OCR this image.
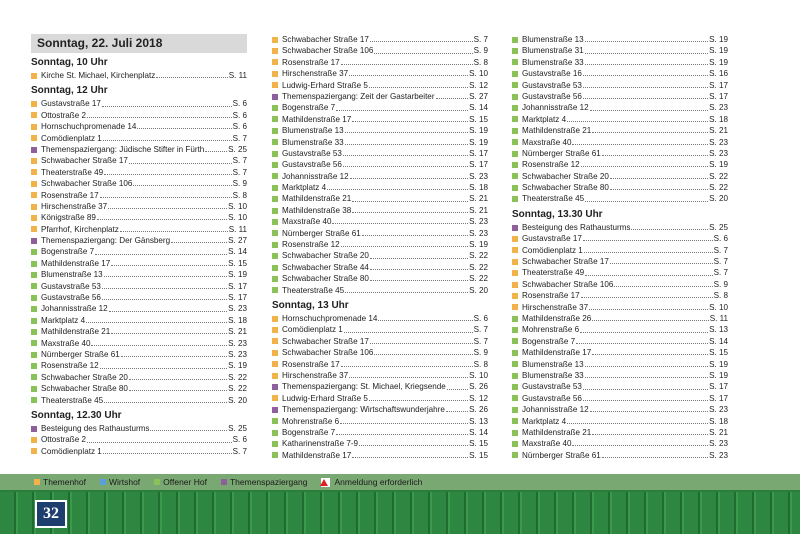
Sonntag, 22. Juli 2018
Sonntag, 10 Uhr
Kirche St. Michael, Kirchenplatz	S. 11
Sonntag, 12 Uhr
Gustavstraße 17	S. 6
Ottostraße 2	S. 6
Hornschuchpromenade 14	S. 6
Comödienplatz 1	S. 7
Themenspaziergang: Jüdische Stifter in Fürth	S. 25
Schwabacher Straße 17	S. 7
Theaterstraße 49	S. 7
Schwabacher Straße 106	S. 9
Rosenstraße 17	S. 8
Hirschenstraße 37	S. 10
Königstraße 89	S. 10
Pfarrhof, Kirchenplatz	S. 11
Themenspaziergang: Der Gänsberg	S. 27
Bogenstraße 7	S. 14
Mathildenstraße 17	S. 15
Blumenstraße 13	S. 19
Gustavstraße 53	S. 17
Gustavstraße 56	S. 17
Johannisstraße 12	S. 23
Marktplatz 4	S. 18
Mathildenstraße 21	S. 21
Maxstraße 40	S. 23
Nürnberger Straße 61	S. 23
Rosenstraße 12	S. 19
Schwabacher Straße 20	S. 22
Schwabacher Straße 80	S. 22
Theaterstraße 45	S. 20
Sonntag, 12.30 Uhr
Besteigung des Rathausturms	S. 25
Ottostraße 2	S. 6
Comödienplatz 1	S. 7
Schwabacher Straße 17	S. 7
Schwabacher Straße 106	S. 9
Rosenstraße 17	S. 8
Hirschenstraße 37	S. 10
Ludwig-Erhard Straße 5	S. 12
Themenspaziergang: Zeit der Gastarbeiter	S. 27
Bogenstraße 7	S. 14
Mathildenstraße 17	S. 15
Blumenstraße 13	S. 19
Blumenstraße 33	S. 19
Gustavstraße 53	S. 17
Gustavstraße 56	S. 17
Johannisstraße 12	S. 23
Marktplatz 4	S. 18
Mathildenstraße 21	S. 21
Mathildenstraße 38	S. 21
Maxstraße 40	S. 23
Nürnberger Straße 61	S. 23
Rosenstraße 12	S. 19
Schwabacher Straße 20	S. 22
Schwabacher Straße 44	S. 22
Schwabacher Straße 80	S. 22
Theaterstraße 45	S. 20
Sonntag, 13 Uhr
Hornschuchpromenade 14	S. 6
Comödienplatz 1	S. 7
Schwabacher Straße 17	S. 7
Schwabacher Straße 106	S. 9
Rosenstraße 17	S. 8
Hirschenstraße 37	S. 10
Themenspaziergang: St. Michael, Kriegsende	S. 26
Ludwig-Erhard Straße 5	S. 12
Themenspaziergang: Wirtschaftswunderjahre	S. 26
Mohrenstraße 6	S. 13
Bogenstraße 7	S. 14
Katharinenstraße 7-9	S. 15
Mathildenstraße 17	S. 15
Blumenstraße 13	S. 19
Blumenstraße 31	S. 19
Blumenstraße 33	S. 19
Gustavstraße 16	S. 16
Gustavstraße 53	S. 17
Gustavstraße 56	S. 17
Johannisstraße 12	S. 23
Marktplatz 4	S. 18
Mathildenstraße 21	S. 21
Maxstraße 40	S. 23
Nürnberger Straße 61	S. 23
Rosenstraße 12	S. 19
Schwabacher Straße 20	S. 22
Schwabacher Straße 80	S. 22
Theaterstraße 45	S. 20
Sonntag, 13.30 Uhr
Besteigung des Rathausturms	S. 25
Gustavstraße 17	S. 6
Comödienplatz 1	S. 7
Schwabacher Straße 17	S. 7
Theaterstraße 49	S. 7
Schwabacher Straße 106	S. 9
Rosenstraße 17	S. 8
Hirschenstraße 37	S. 10
Mathildenstraße 26	S. 11
Mohrenstraße 6	S. 13
Bogenstraße 7	S. 14
Mathildenstraße 17	S. 15
Blumenstraße 13	S. 19
Blumenstraße 33	S. 19
Gustavstraße 53	S. 17
Gustavstraße 56	S. 17
Johannisstraße 12	S. 23
Marktplatz 4	S. 18
Mathildenstraße 21	S. 21
Maxstraße 40	S. 23
Nürnberger Straße 61	S. 23
Themenhof	Wirtshof	Offener Hof	Themenspaziergang	Anmeldung erforderlich
32
